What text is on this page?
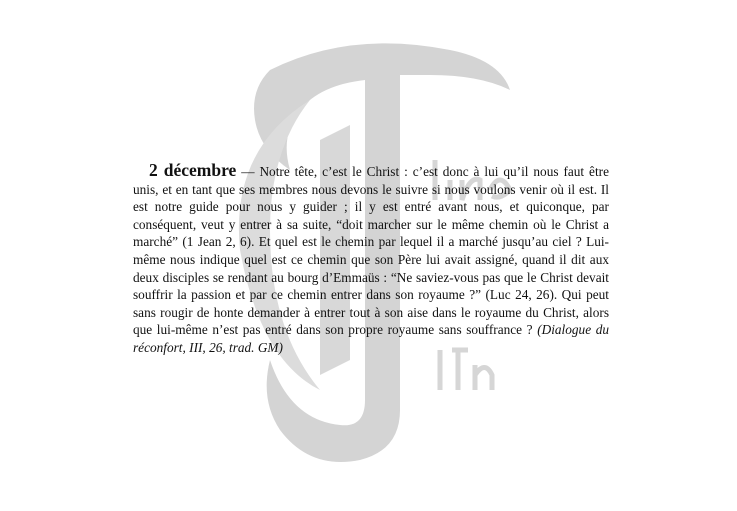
2 décembre — Notre tête, c’est le Christ : c’est donc à lui qu’il nous faut être unis, et en tant que ses membres nous devons le suivre si nous voulons venir où il est. Il est notre guide pour nous y guider ; il y est entré avant nous, et quiconque, par conséquent, veut y entrer à sa suite, “doit marcher sur le même chemin où le Christ a marché” (1 Jean 2, 6). Et quel est le chemin par lequel il a marché jusqu’au ciel ? Lui-même nous indique quel est ce chemin que son Père lui avait assigné, quand il dit aux deux disciples se rendant au bourg d’Emmaüs : “Ne saviez-vous pas que le Christ devait souffrir la passion et par ce chemin entrer dans son royaume ?” (Luc 24, 26). Qui peut sans rougir de honte demander à entrer tout à son aise dans le royaume du Christ, alors que lui-même n’est pas entré dans son propre royaume sans souffrance ? (Dialogue du réconfort, III, 26, trad. GM)
